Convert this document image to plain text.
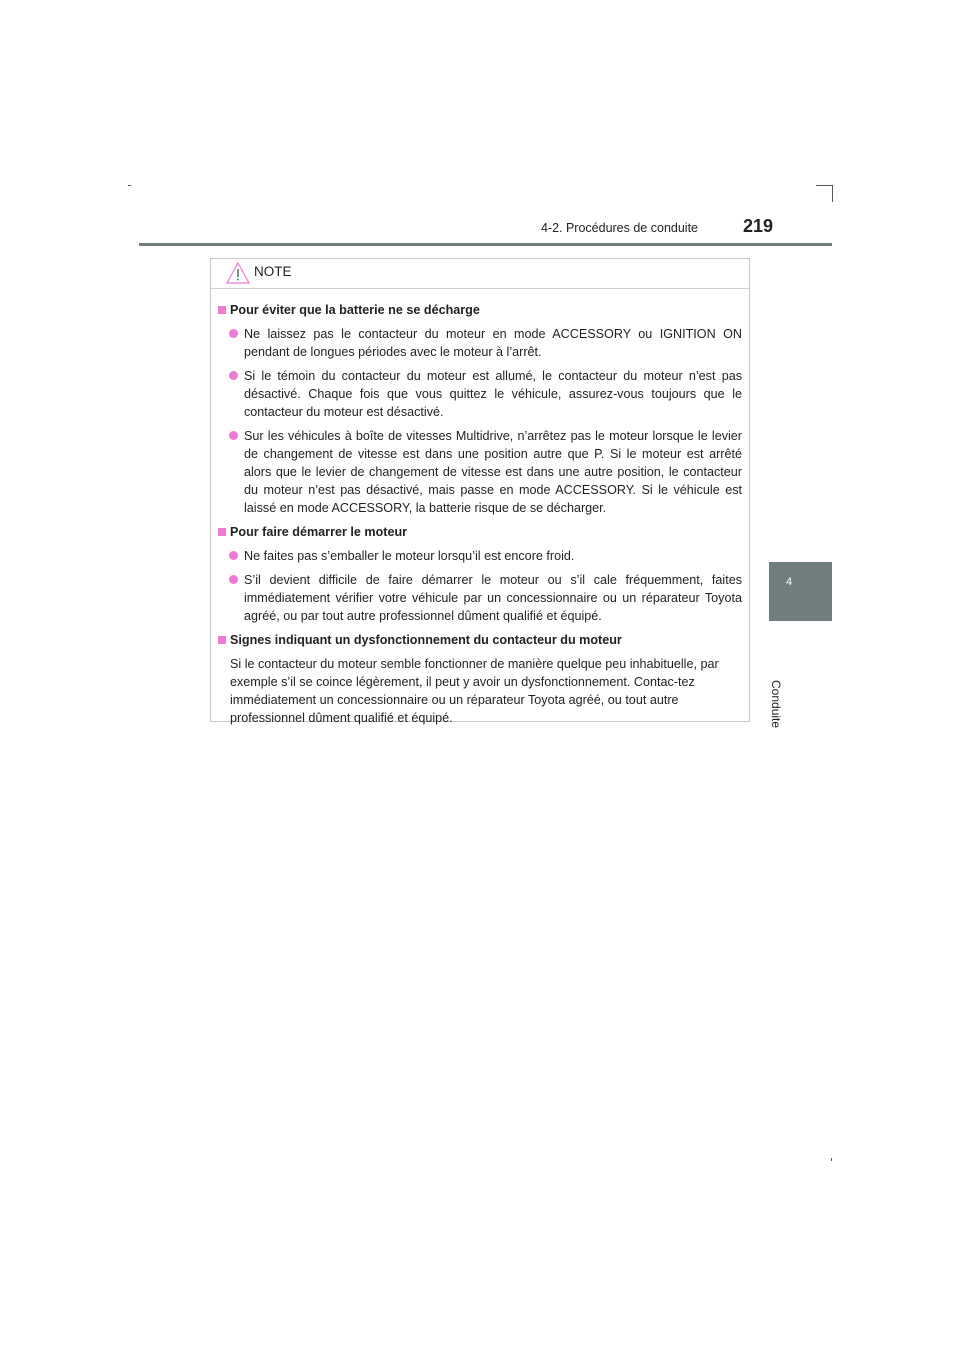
4-2. Procédures de conduite	219
4
Conduite
NOTE
Pour éviter que la batterie ne se décharge
Ne laissez pas le contacteur du moteur en mode ACCESSORY ou IGNITION ON pendant de longues périodes avec le moteur à l’arrêt.
Si le témoin du contacteur du moteur est allumé, le contacteur du moteur n’est pas désactivé. Chaque fois que vous quittez le véhicule, assurez-vous toujours que le contacteur du moteur est désactivé.
Sur les véhicules à boîte de vitesses Multidrive, n’arrêtez pas le moteur lorsque le levier de changement de vitesse est dans une position autre que P. Si le moteur est arrêté alors que le levier de changement de vitesse est dans une autre position, le contacteur du moteur n’est pas désactivé, mais passe en mode ACCESSORY. Si le véhicule est laissé en mode ACCESSORY, la batterie risque de se décharger.
Pour faire démarrer le moteur
Ne faites pas s’emballer le moteur lorsqu’il est encore froid.
S’il devient difficile de faire démarrer le moteur ou s’il cale fréquemment, faites immédiatement vérifier votre véhicule par un concessionnaire ou un réparateur Toyota agréé, ou par tout autre professionnel dûment qualifié et équipé.
Signes indiquant un dysfonctionnement du contacteur du moteur
Si le contacteur du moteur semble fonctionner de manière quelque peu inhabituelle, par exemple s’il se coince légèrement, il peut y avoir un dysfonctionnement. Contac-tez immédiatement un concessionnaire ou un réparateur Toyota agréé, ou tout autre professionnel dûment qualifié et équipé.
